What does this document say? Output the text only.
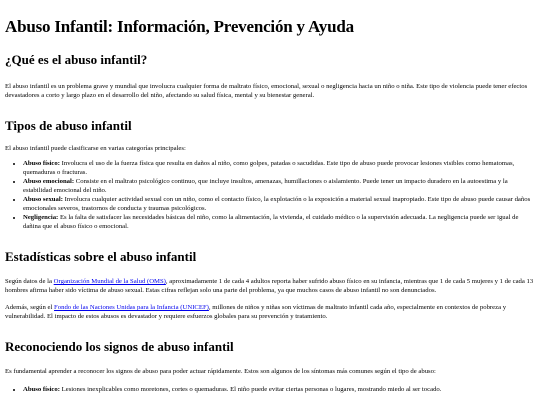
Abuso Infantil: Información, Prevención y Ayuda
¿Qué es el abuso infantil?

El abuso infantil es un problema grave y mundial que involucra cualquier forma de maltrato físico, emocional, sexual o negligencia hacia un niño o niña. Este tipo de violencia puede tener efectos devastadores a corto y largo plazo en el desarrollo del niño, afectando su salud física, mental y su bienestar general.

Tipos de abuso infantil

El abuso infantil puede clasificarse en varias categorías principales:

• Abuso físico: Involucra el uso de la fuerza física que resulta en daños al niño, como golpes, patadas o sacudidas. Este tipo de abuso puede provocar lesiones visibles como hematomas, quemaduras o fracturas.
• Abuso emocional: Consiste en el maltrato psicológico continuo, que incluye insultos, amenazas, humillaciones o aislamiento. Puede tener un impacto duradero en la autoestima y la estabilidad emocional del niño.
• Abuso sexual: Involucra cualquier actividad sexual con un niño, como el contacto físico, la explotación o la exposición a material sexual inapropiado. Este tipo de abuso puede causar daños emocionales severos, trastornos de conducta y traumas psicológicos.
• Negligencia: Es la falta de satisfacer las necesidades básicas del niño, como la alimentación, la vivienda, el cuidado médico o la supervisión adecuada. La negligencia puede ser igual de dañina que el abuso físico o emocional.
Estadísticas sobre el abuso infantil

Según datos de la Organización Mundial de la Salud (OMS), aproximadamente 1 de cada 4 adultos reporta haber sufrido abuso físico en su infancia, mientras que 1 de cada 5 mujeres y 1 de cada 13 hombres afirma haber sido víctima de abuso sexual. Estas cifras reflejan solo una parte del problema, ya que muchos casos de abuso infantil no son denunciados.

Además, según el Fondo de las Naciones Unidas para la Infancia (UNICEF), millones de niños y niñas son víctimas de maltrato infantil cada año, especialmente en contextos de pobreza y vulnerabilidad. El impacto de estos abusos es devastador y requiere esfuerzos globales para su prevención y tratamiento.

Reconociendo los signos de abuso infantil

Es fundamental aprender a reconocer los signos de abuso para poder actuar rápidamente. Estos son algunos de los síntomas más comunes según el tipo de abuso:

• Abuso físico: Lesiones inexplicables como moretones, cortes o quemaduras. El niño puede evitar ciertas personas o lugares, mostrando miedo al ser tocado.
